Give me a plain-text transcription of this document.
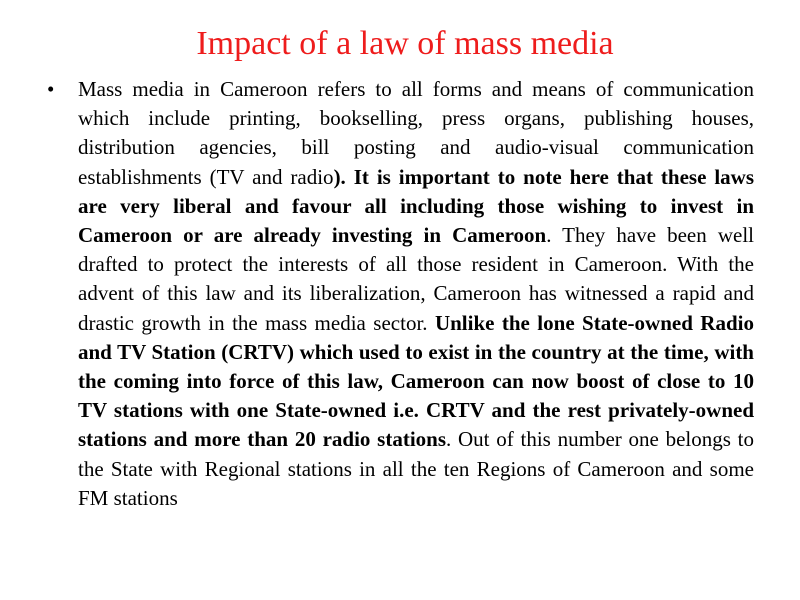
Impact of a law of mass media
• Mass media in Cameroon refers to all forms and means of communication which include printing, bookselling, press organs, publishing houses, distribution agencies, bill posting and audio-visual communication establishments (TV and radio). It is important to note here that these laws are very liberal and favour all including those wishing to invest in Cameroon or are already investing in Cameroon. They have been well drafted to protect the interests of all those resident in Cameroon. With the advent of this law and its liberalization, Cameroon has witnessed a rapid and drastic growth in the mass media sector. Unlike the lone State-owned Radio and TV Station (CRTV) which used to exist in the country at the time, with the coming into force of this law, Cameroon can now boost of close to 10 TV stations with one State-owned i.e. CRTV and the rest privately-owned stations and more than 20 radio stations. Out of this number one belongs to the State with Regional stations in all the ten Regions of Cameroon and some FM stations
